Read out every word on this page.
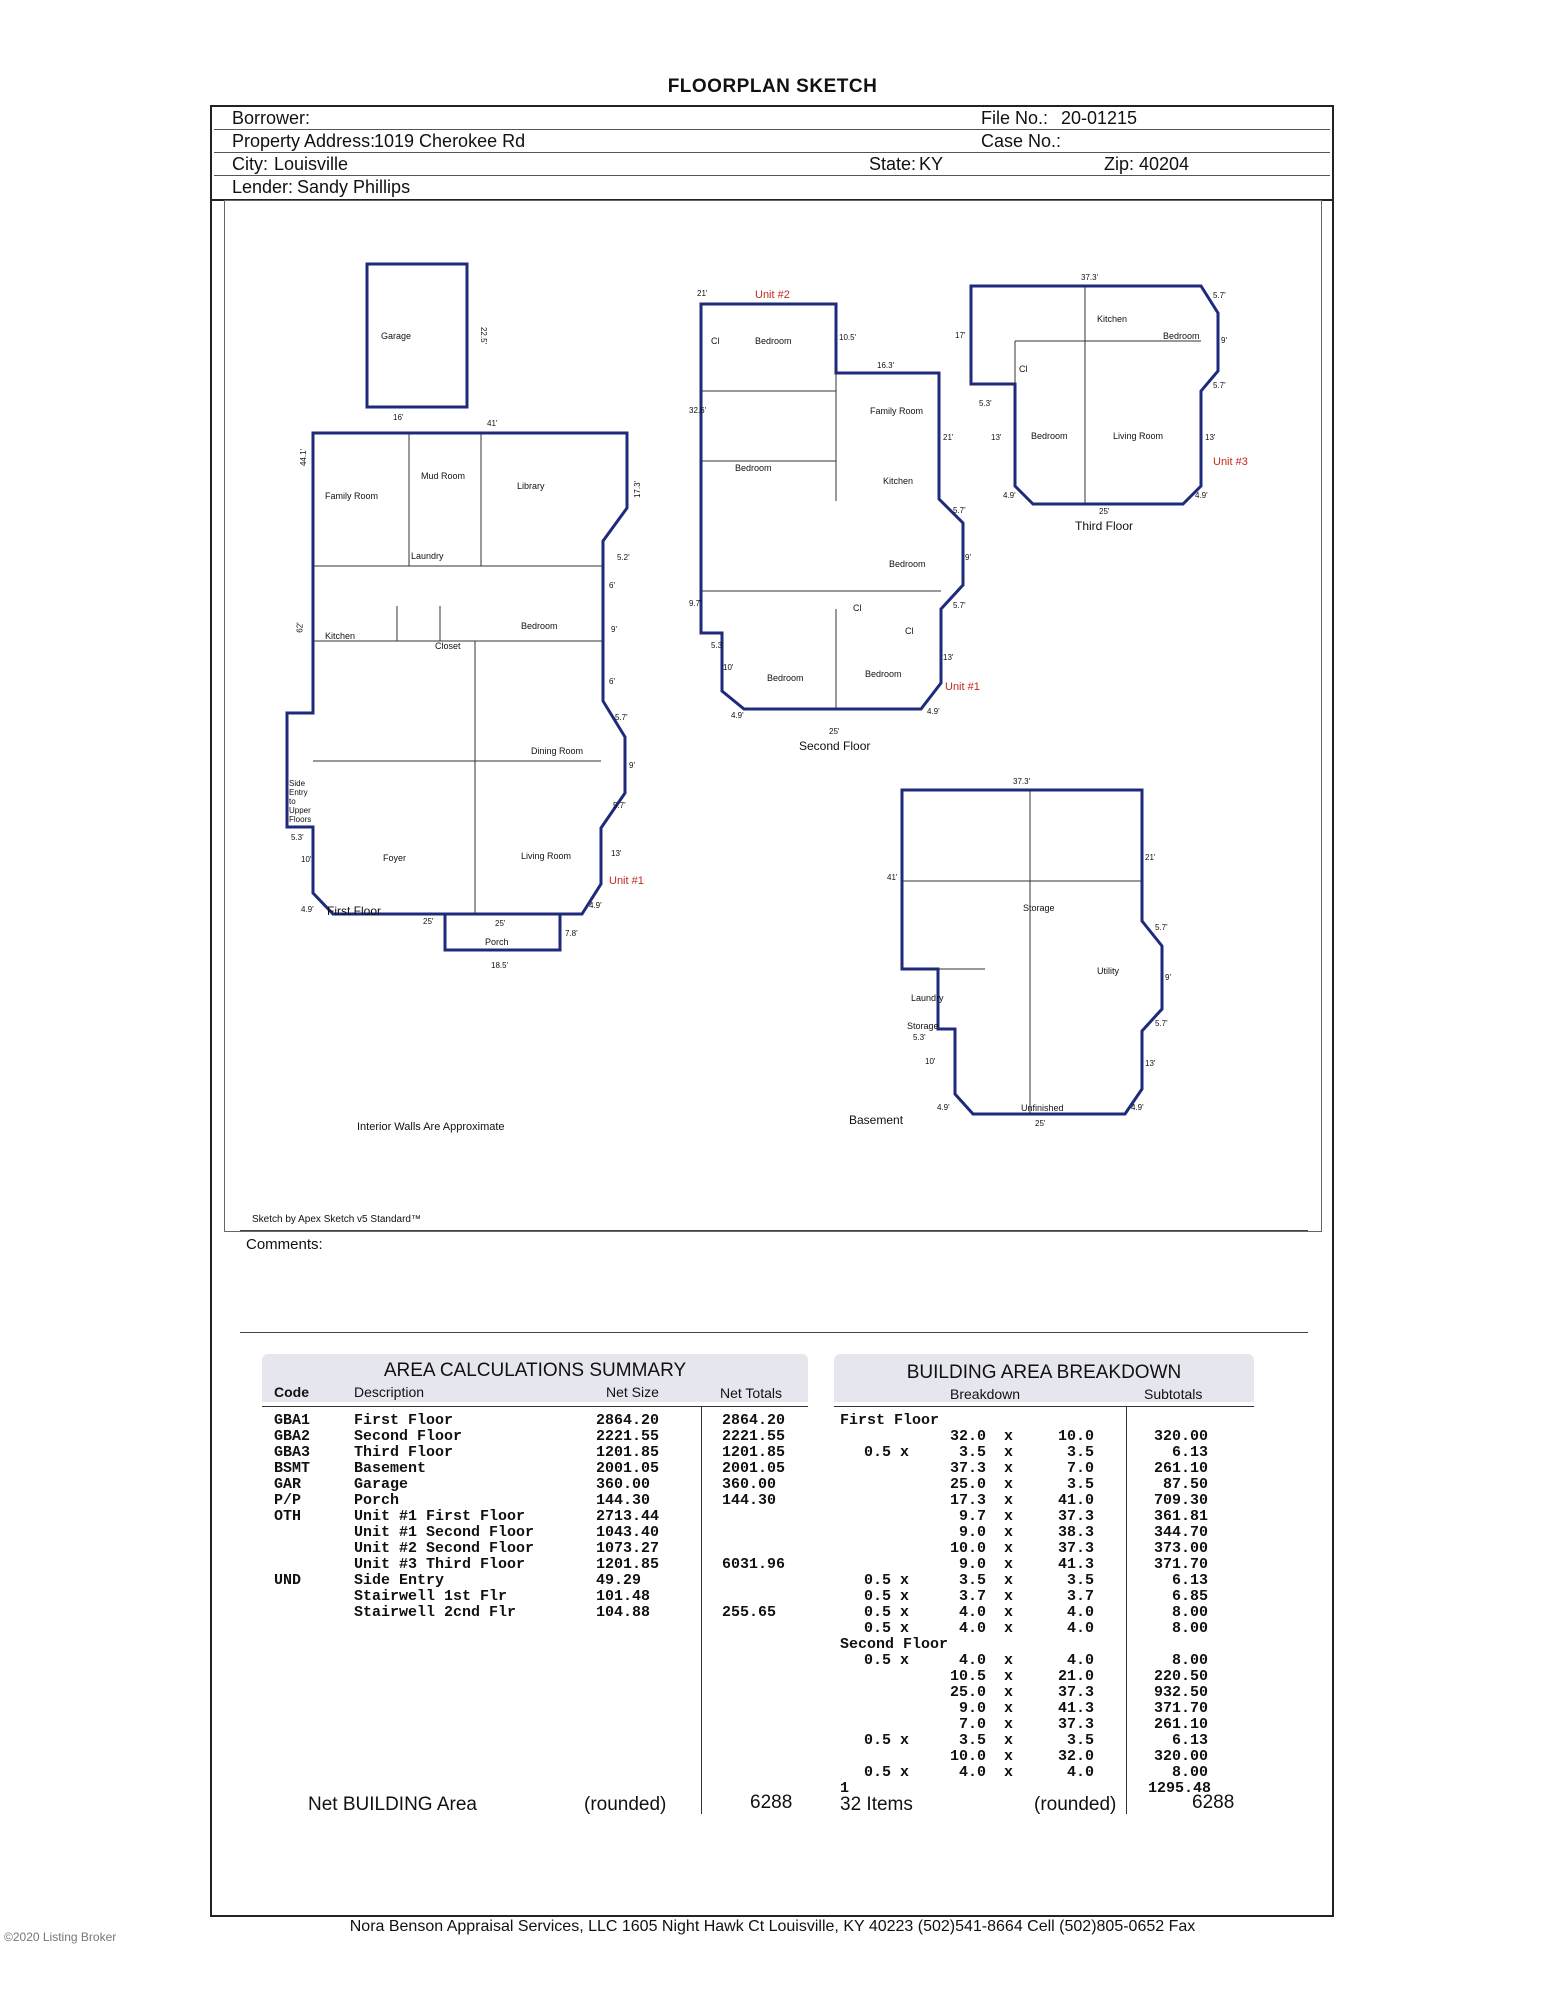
FLOORPLAN SKETCH
Borrower:	File No.: 20-01215
Property Address:
1019 Cherokee Rd	Case No.:
City: Louisville	State: KY	Zip: 40204
Lender: Sandy Phillips
Garage
Family Room
Mud Room
Library
Laundry
Kitchen
Closet
Bedroom
Dining Room
Side Entry to Upper Floors
Foyer	Living Room
Porch
Bedroom
Family Room
Bedroom
Kitchen
Bedroom
Bedroom	Bedroom
Kitchen
Bedroom
Bedroom	Living Room
Storage
Utility
Laundry
Storage
Unfinished
Cl
Cl
Cl
Cl
Unit #1
Unit #2
Unit #1
Unit #3
First Floor
Second Floor
Third Floor
Basement
22.5'
16'
41'
44.1'
17.3'
5.2'
6'
9'
62'
6'
5.7'
9'
5.7'
13'
5.3'
10'
4.9'
25'	25'
7.8'
4.9'
18.5'
21'
10.5'
16.3'
32.6'
21'
5.7'
9'
9.7'
5.3'
5.7'
10'
13'
4.9'
25'
4.9'
37.3'
5.7'
17'
9'
5.7'
5.3'
13'	13'
4.9'
25'
4.9'
37.3'
21'
41'
5.7'
9'
5.7'
5.3'
10'	13'
4.9'
25'
4.9'
Interior Walls Are Approximate
Sketch by Apex Sketch v5 Standard™
Comments:
AREA CALCULATIONS SUMMARY
Code	Description	Net Size	Net Totals
GBA1	First Floor	2864.20	2864.20
GBA2	Second Floor	2221.55	2221.55
GBA3	Third Floor	1201.85	1201.85
BSMT	Basement	2001.05	2001.05
GAR	Garage	360.00	360.00
P/P	Porch	144.30	144.30
OTH	Unit #1 First Floor	2713.44
Unit #1 Second Floor	1043.40
Unit #2 Second Floor	1073.27
Unit #3 Third Floor	1201.85	6031.96
UND	Side Entry	49.29
Stairwell 1st Flr	101.48
Stairwell 2cnd Flr	104.88	255.65
Net BUILDING Area	(rounded)	6288
BUILDING AREA BREAKDOWN
Breakdown	Subtotals
First Floor
32.0 x	10.0	320.00
0.5 x	3.5 x	3.5	6.13
37.3 x	7.0	261.10
25.0 x	3.5	87.50
17.3 x	41.0	709.30
9.7 x	37.3	361.81
9.0 x	38.3	344.70
10.0 x	37.3	373.00
9.0 x	41.3	371.70
0.5 x	3.5 x	3.5	6.13
0.5 x	3.7 x	3.7	6.85
0.5 x	4.0 x	4.0	8.00
0.5 x	4.0 x	4.0	8.00
Second Floor
0.5 x	4.0 x	4.0	8.00
10.5 x	21.0	220.50
25.0 x	37.3	932.50
9.0 x	41.3	371.70
7.0 x	37.3	261.10
0.5 x	3.5 x	3.5	6.13
10.0 x	32.0	320.00
0.5 x	4.0 x	4.0	8.00
1	1295.48
32 Items	(rounded)	6288
Nora Benson Appraisal Services, LLC 1605 Night Hawk Ct Louisville, KY 40223 (502)541-8664 Cell (502)805-0652 Fax
©2020 Listing Broker
